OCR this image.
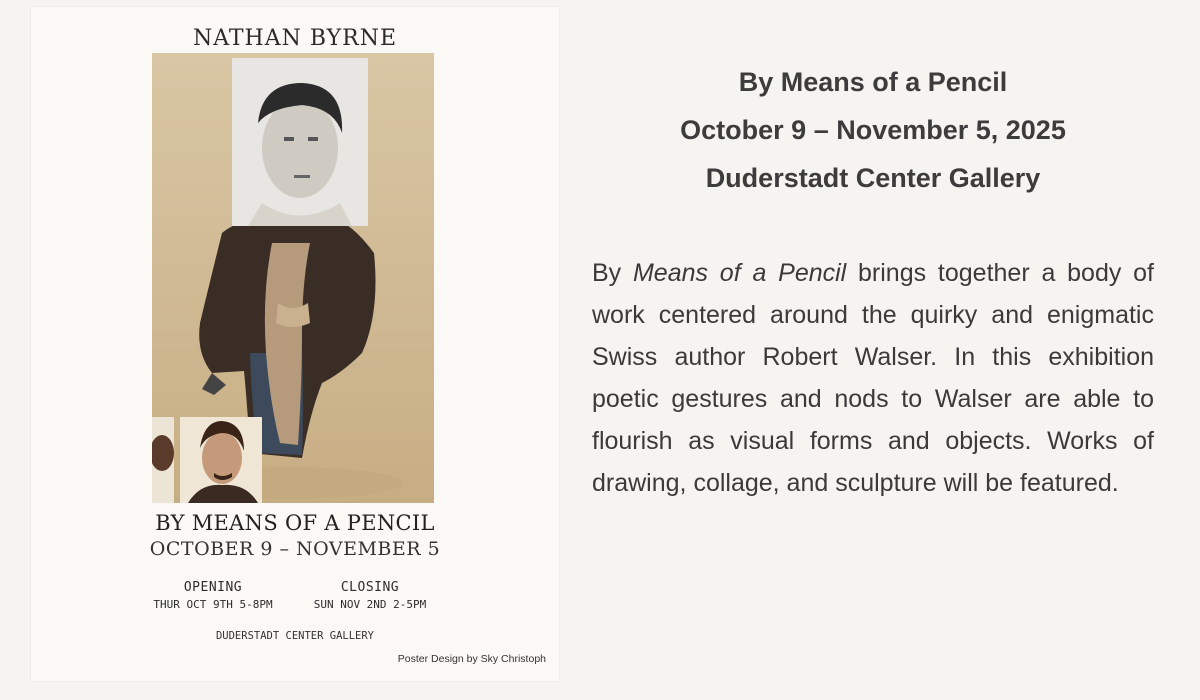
NATHAN BYRNE
BY MEANS OF A PENCIL
OCTOBER 9 – NOVEMBER 5
OPENING
THUR OCT 9TH 5-8PM
CLOSING
SUN NOV 2ND 2-5PM
DUDERSTADT CENTER GALLERY
Poster Design by Sky Christoph
By Means of a Pencil
October 9 – November 5, 2025
Duderstadt Center Gallery
By Means of a Pencil brings together a body of work centered around the quirky and enigmatic Swiss author Robert Walser. In this exhibition poetic gestures and nods to Walser are able to flourish as visual forms and objects. Works of drawing, collage, and sculpture will be featured.
